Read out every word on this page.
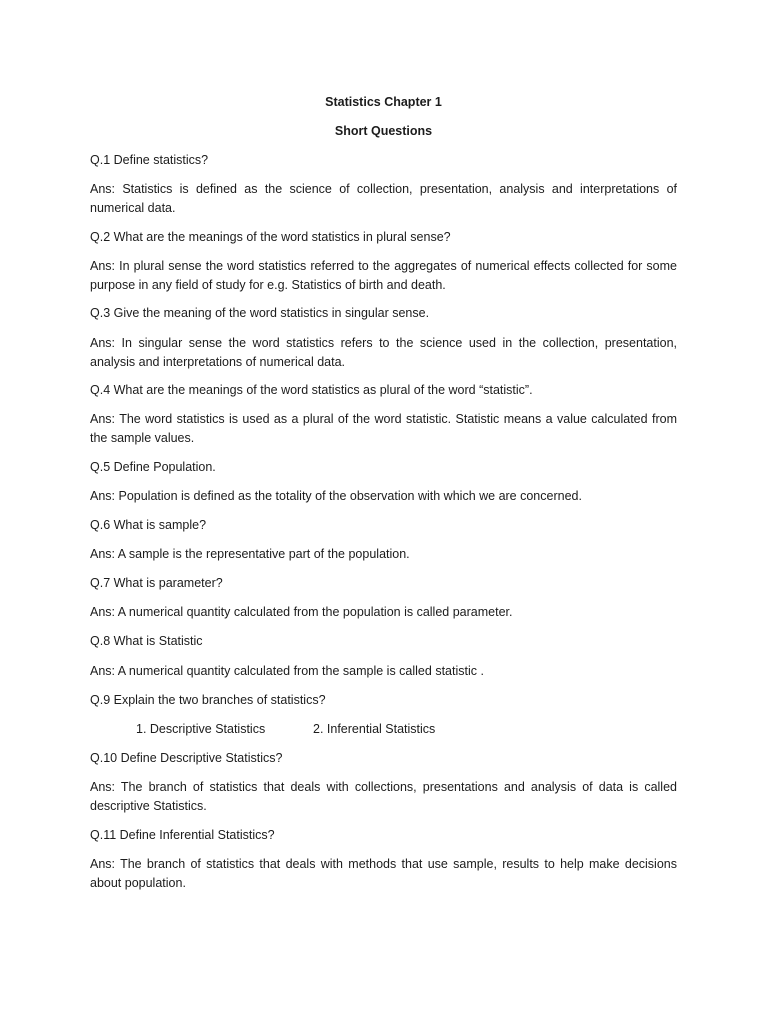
Statistics Chapter 1
Short Questions
Q.1 Define statistics?
Ans: Statistics is defined as the science of collection, presentation, analysis and interpretations of numerical data.
Q.2 What are the meanings of the word statistics in plural sense?
Ans: In plural sense the word statistics referred to the aggregates of numerical effects collected for some purpose in any field of study for e.g. Statistics of birth and death.
Q.3 Give the meaning of the word statistics in singular sense.
Ans: In singular sense the word statistics refers to the science used in the collection, presentation, analysis and interpretations of numerical data.
Q.4 What are the meanings of the word statistics as plural of the word “statistic”.
Ans: The word statistics is used as a plural of the word statistic. Statistic means a value calculated from the sample values.
Q.5 Define Population.
Ans: Population is defined as the totality of the observation with which we are concerned.
Q.6 What is sample?
Ans: A sample is the representative part of the population.
Q.7 What is parameter?
Ans: A numerical quantity calculated from the population is called parameter.
Q.8 What is Statistic
Ans: A numerical quantity calculated from the sample is called statistic .
Q.9 Explain the two branches of statistics?
1. Descriptive Statistics	2. Inferential Statistics
Q.10 Define Descriptive Statistics?
Ans: The branch of statistics that deals with collections, presentations and analysis of data is called descriptive Statistics.
Q.11 Define Inferential Statistics?
Ans: The branch of statistics that deals with methods that use sample, results to help make decisions about population.
